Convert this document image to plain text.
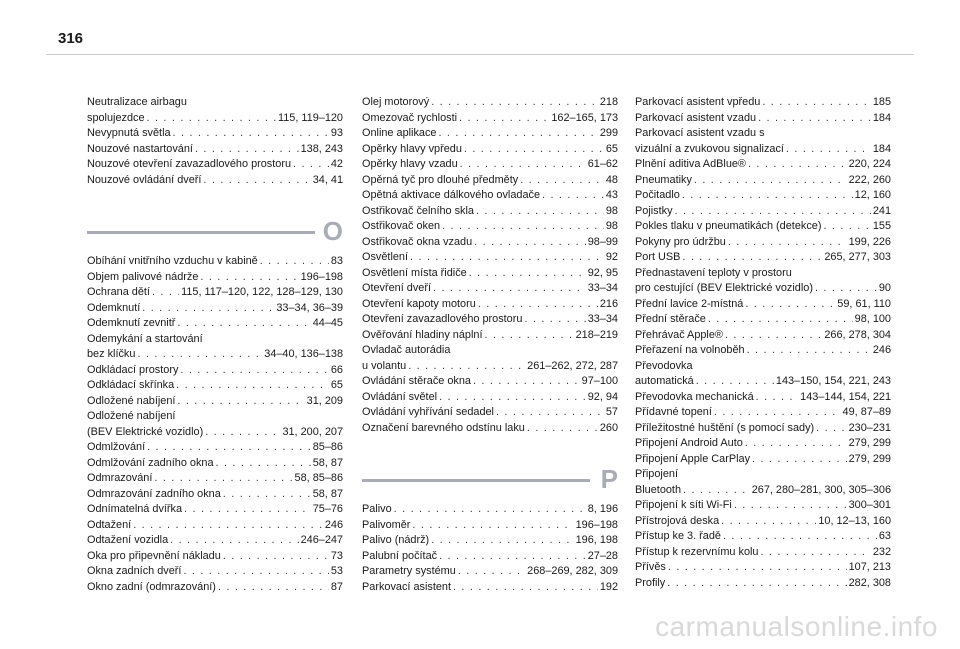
316
Neutralizace airbagu
spolujezdce . . .	115, 119–120
Nevypnutá světla . . .	93
Nouzové nastartování . . .	138, 243
Nouzové otevření zavazadlového prostoru . . .	42
Nouzové ovládání dveří . . .	34, 41
O
Obíhání vnitřního vzduchu v kabině . . .	83
Objem palivové nádrže . . .	196–198
Ochrana dětí . . .	115, 117–120, 122, 128–129, 130
Odemknutí . . .	33–34, 36–39
Odemknutí zevnitř . . .	44–45
Odemykání a startování
bez klíčku . . .	34–40, 136–138
Odkládací prostory . . .	66
Odkládací skřínka . . .	65
Odložené nabíjení . . .	31, 209
Odložené nabíjení
(BEV Elektrické vozidlo) . . .	31, 200, 207
Odmlžování . . .	85–86
Odmlžování zadního okna . . .	58, 87
Odmrazování . . .	58, 85–86
Odmrazování zadního okna . . .	58, 87
Odnímatelná dvířka . . .	75–76
Odtažení . . .	246
Odtažení vozidla . . .	246–247
Oka pro připevnění nákladu . . .	73
Okna zadních dveří . . .	53
Okno zadní (odmrazování) . . .	87
Olej motorový . . .	218
Omezovač rychlosti . . .	162–165, 173
Online aplikace . . .	299
Opěrky hlavy vpředu . . .	65
Opěrky hlavy vzadu . . .	61–62
Opěrná tyč pro dlouhé předměty . . .	48
Opětná aktivace dálkového ovladače . . .	43
Ostřikovač čelního skla . . .	98
Ostřikovač oken . . .	98
Ostřikovač okna vzadu . . .	98–99
Osvětlení . . .	92
Osvětlení místa řidiče . . .	92, 95
Otevření dveří . . .	33–34
Otevření kapoty motoru . . .	216
Otevření zavazadlového prostoru . . .	33–34
Ověřování hladiny náplní . . .	218–219
Ovladač autorádia
u volantu . . .	261–262, 272, 287
Ovládání stěrače okna . . .	97–100
Ovládání světel . . .	92, 94
Ovládání vyhřívání sedadel . . .	57
Označení barevného odstínu laku . . .	260
P
Palivo . . .	8, 196
Palivoměr . . .	196–198
Palivo (nádrž) . . .	196, 198
Palubní počítač . . .	27–28
Parametry systému . . .	268–269, 282, 309
Parkovací asistent . . .	192
Parkovací asistent vpředu . . .	185
Parkovací asistent vzadu . . .	184
Parkovací asistent vzadu s
vizuální a zvukovou signalizací . . .	184
Plnění aditiva AdBlue® . . .	220, 224
Pneumatiky . . .	222, 260
Počitadlo . . .	12, 160
Pojistky . . .	241
Pokles tlaku v pneumatikách (detekce) . . .	155
Pokyny pro údržbu . . .	199, 226
Port USB . . .	265, 277, 303
Přednastavení teploty v prostoru
pro cestující (BEV Elektrické vozidlo) . . .	90
Přední lavice 2-místná . . .	59, 61, 110
Přední stěrače . . .	98, 100
Přehrávač Apple® . . .	266, 278, 304
Přeřazení na volnoběh . . .	246
Převodovka
automatická . . .	143–150, 154, 221, 243
Převodovka mechanická . . .	143–144, 154, 221
Přídavné topení . . .	49, 87–89
Příležitostné huštění (s pomocí sady) . . .	230–231
Připojení Android Auto . . .	279, 299
Připojení Apple CarPlay . . .	279, 299
Připojení
Bluetooth . . .	267, 280–281, 300, 305–306
Připojení k síti Wi-Fi . . .	300–301
Přístrojová deska . . .	10, 12–13, 160
Přístup ke 3. řadě . . .	63
Přístup k rezervnímu kolu . . .	232
Přívěs . . .	107, 213
Profily . . .	282, 308
carmanualsonline.info
